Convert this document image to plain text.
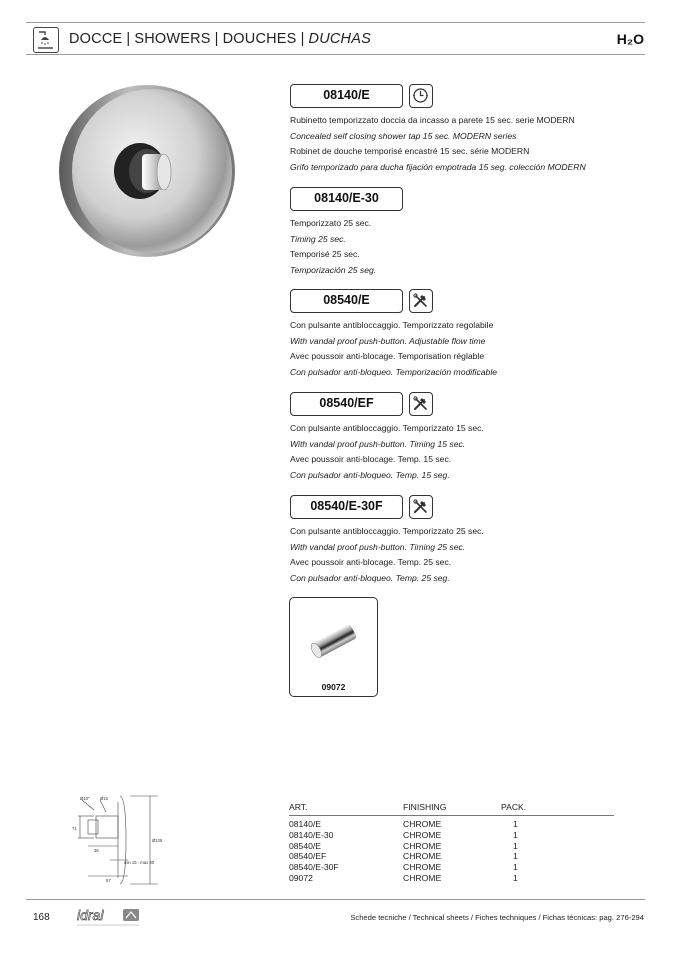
DOCCE | SHOWERS | DOUCHES | DUCHAS	H₂O
08140/E
Rubinetto temporizzato doccia da incasso a parete 15 sec. serie MODERN
Concealed self closing shower tap 15 sec. MODERN series
Robinet de douche temporisé encastré 15 sec. série MODERN
Grifo temporizado para ducha fijación empotrada 15 seg. colección MODERN
08140/E-30
Temporizzato 25 sec.
Timing 25 sec.
Temporisé 25 sec.
Temporización 25 seg.
08540/E
Con pulsante antibloccaggio. Temporizzato regolabile
With vandal proof push-button. Adjustable flow time
Avec poussoir anti-blocage. Temporisation réglable
Con pulsador anti-bloqueo. Temporización modificable
08540/EF
Con pulsante antibloccaggio. Temporizzato 15 sec.
With vandal proof push-button. Timing 15 sec.
Avec poussoir anti-blocage. Temp. 15 sec.
Con pulsador anti-bloqueo. Temp. 15 seg.
08540/E-30F
Con pulsante antibloccaggio. Temporizzato 25 sec.
With vandal proof push-button. Timing 25 sec.
Avec poussoir anti-blocage. Temp. 25 sec.
Con pulsador anti-bloqueo. Temp. 25 seg.
09072
Ø10"	Ø15
Ø125
71
36
min 15 - max 30
57
ART.	FINISHING	PACK.
08140/E	CHROME	1
08140/E-30	CHROME	1
08540/E	CHROME	1
08540/EF	CHROME	1
08540/E-30F	CHROME	1
09072	CHROME	1
168 idral	Schede tecniche / Technical sheets / Fiches techniques / Fichas técnicas: pag. 276-294
